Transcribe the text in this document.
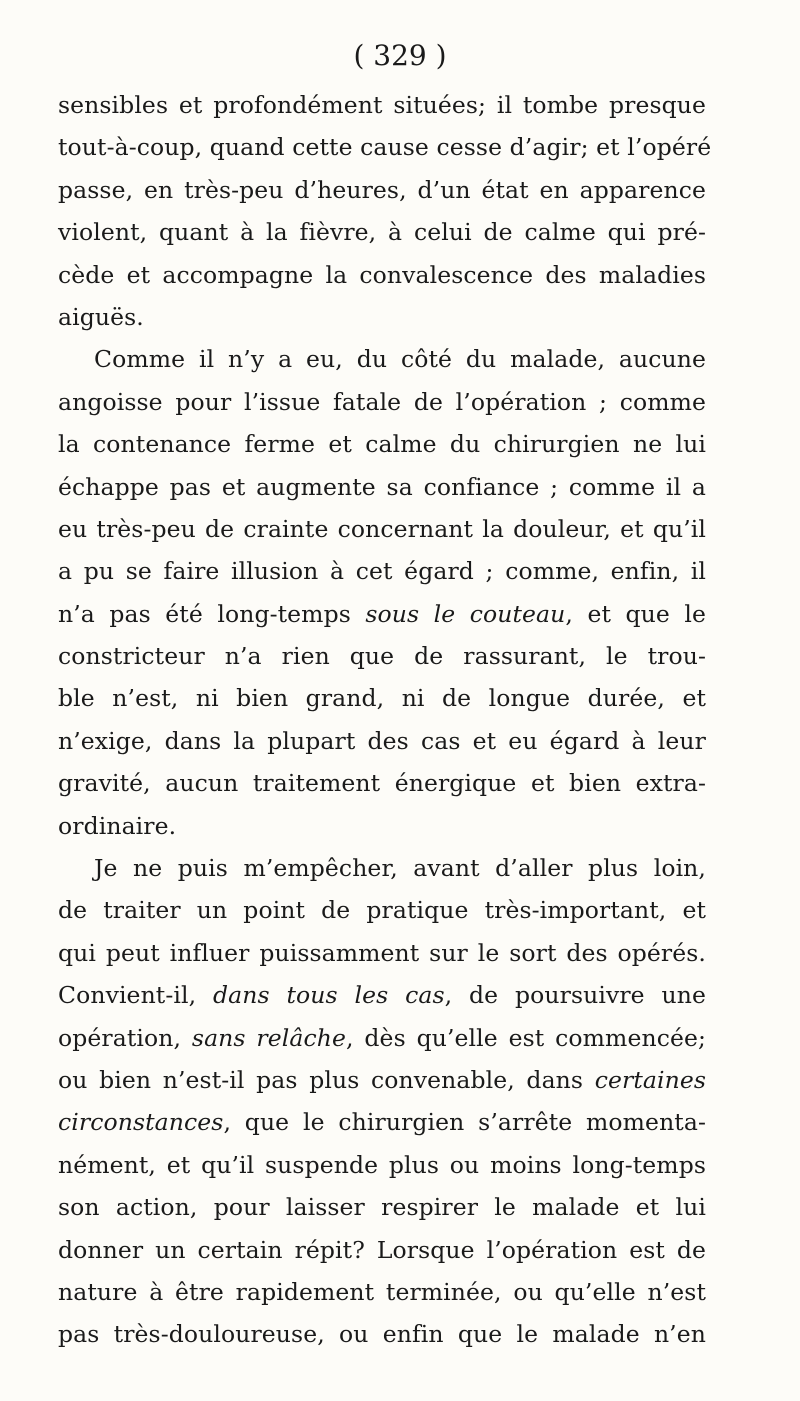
( 329 )
sensibles et profondément situées; il tombe presque
tout-à-coup, quand cette cause cesse d’agir; et l’opéré
passe, en très-peu d’heures, d’un état en apparence
violent, quant à la fièvre, à celui de calme qui pré-
cède et accompagne la convalescence des maladies
aiguës.
Comme il n’y a eu, du côté du malade, aucune
angoisse pour l’issue fatale de l’opération ; comme
la contenance ferme et calme du chirurgien ne lui
échappe pas et augmente sa confiance ; comme il a
eu très-peu de crainte concernant la douleur, et qu’il
a pu se faire illusion à cet égard ; comme, enfin, il
n’a pas été long-temps sous le couteau, et que le
constricteur n’a rien que de rassurant, le trou-
ble n’est, ni bien grand, ni de longue durée, et
n’exige, dans la plupart des cas et eu égard à leur
gravité, aucun traitement énergique et bien extra-
ordinaire.
Je ne puis m’empêcher, avant d’aller plus loin,
de traiter un point de pratique très-important, et
qui peut influer puissamment sur le sort des opérés.
Convient-il, dans tous les cas, de poursuivre une
opération, sans relâche, dès qu’elle est commencée;
ou bien n’est-il pas plus convenable, dans certaines
circonstances, que le chirurgien s’arrête momenta-
nément, et qu’il suspende plus ou moins long-temps
son action, pour laisser respirer le malade et lui
donner un certain répit? Lorsque l’opération est de
nature à être rapidement terminée, ou qu’elle n’est
pas très-douloureuse, ou enfin que le malade n’en
